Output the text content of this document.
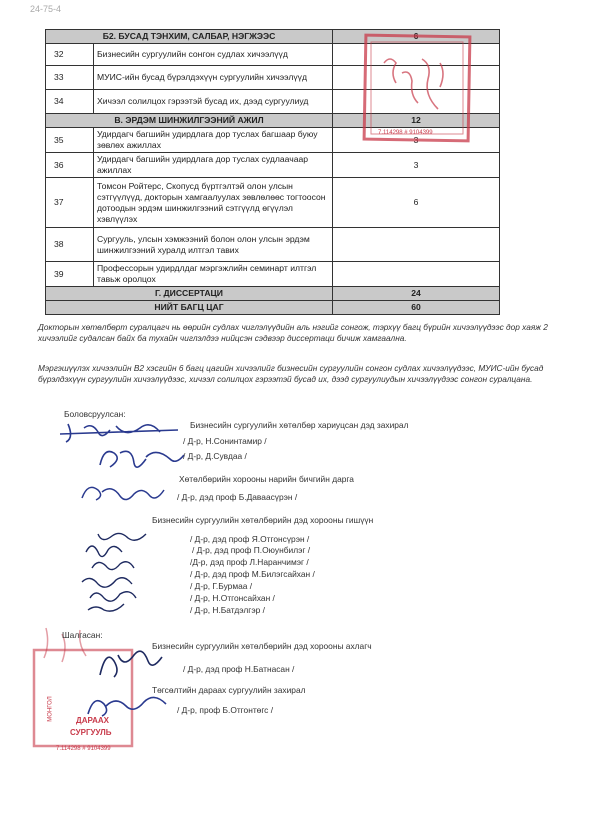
24-75-4
Б2. БУСАД ТЭНХИМ, САЛБАР, НЭГЖЭЭС		6
32	Бизнесийн сургуулийн сонгон судлах хичээлүүд	
33	МУИС-ийн бусад бүрэлдэхүүн сургуулийн хичээлүүд	
34	Хичээл солилцох гэрээтэй бусад их, дээд сургуулиуд	
В. ЭРДЭМ ШИНЖИЛГЭЭНИЙ АЖИЛ		12
35	Удирдагч багшийн удирдлага дор туслах багшаар буюу зөвлөх ажиллах	3
36	Удирдагч багшийн удирдлага дор туслах судлаачаар ажиллах	3
37	Томсон Ройтерс, Скопусд бүртгэлтэй олон улсын сэтгүүлүүд, докторын хамгаалуулах зөвлөлөөс тогтоосон дотоодын эрдэм шинжилгээний сэтгүүлд өгүүлэл хэвлүүлэх	6
38	Сургууль, улсын хэмжээний болон олон улсын эрдэм шинжилгээний хуралд илтгэл тавих	
39	Профессорын удирдлдаг мэргэжлийн семинарт илтгэл тавьж оролцох	
Г. ДИССЕРТАЦИ		24
НИЙТ БАГЦ ЦАГ		60
7.114298 # 9104399
Докторын хөтөлбөрт суралцагч нь өөрийн судлах чиглэлүүдийн аль нэгийг сонгож, тэрхүү багц бүрийн хичээлүүдээс дор хаяж 2 хичээлийг судалсан байх ба тухайн чиглэлдээ нийцсэн сэдвээр диссертаци бичиж хамгаална.
Мэргэшүүлэх хичээлийн В2 хэсгийн 6 багц цагийн хичээлийг бизнесийн сургуулийн сонгон судлах хичээлүүдээс, МУИС-ийн бусад бүрэлдэхүүн сургуулийн хичээлүүдээс, хичээл солилцох гэрээтэй бусад их, дээд сургуулиудын хичээлүүдээс сонгон суралцана.
Боловсруулсан:
Бизнесийн сургуулийн хөтөлбөр хариуцсан дэд захирал
/ Д-р, Н.Сонинтамир /
/ Д-р, Д.Сувдаа /
Хөтөлбөрийн хорооны нарийн бичгийн дарга
/ Д-р, дэд проф Б.Даваасүрэн /
Бизнесийн сургуулийн хөтөлбөрийн дэд хорооны гишүүн
/ Д-р, дэд проф Я.Отгонсүрэн /
/ Д-р, дэд проф П.Оюунбилэг /
/Д-р, дэд проф Л.Наранчимэг /
/ Д-р, дэд проф М.Билэгсайхан /
/ Д-р, Г.Бурмаа /
/ Д-р, Н.Отгонсайхан /
/ Д-р, Н.Батдэлгэр /
МОНГОЛ	ДАРААХ
СУРГУУЛЬ
7.114298 # 9104399
Шалгасан:
Бизнесийн сургуулийн хөтөлбөрийн дэд хорооны ахлагч
/ Д-р, дэд проф Н.Батнасан /
Төгсөлтийн дараах сургуулийн захирал
/ Д-р, проф Б.Отгонтөгс /
